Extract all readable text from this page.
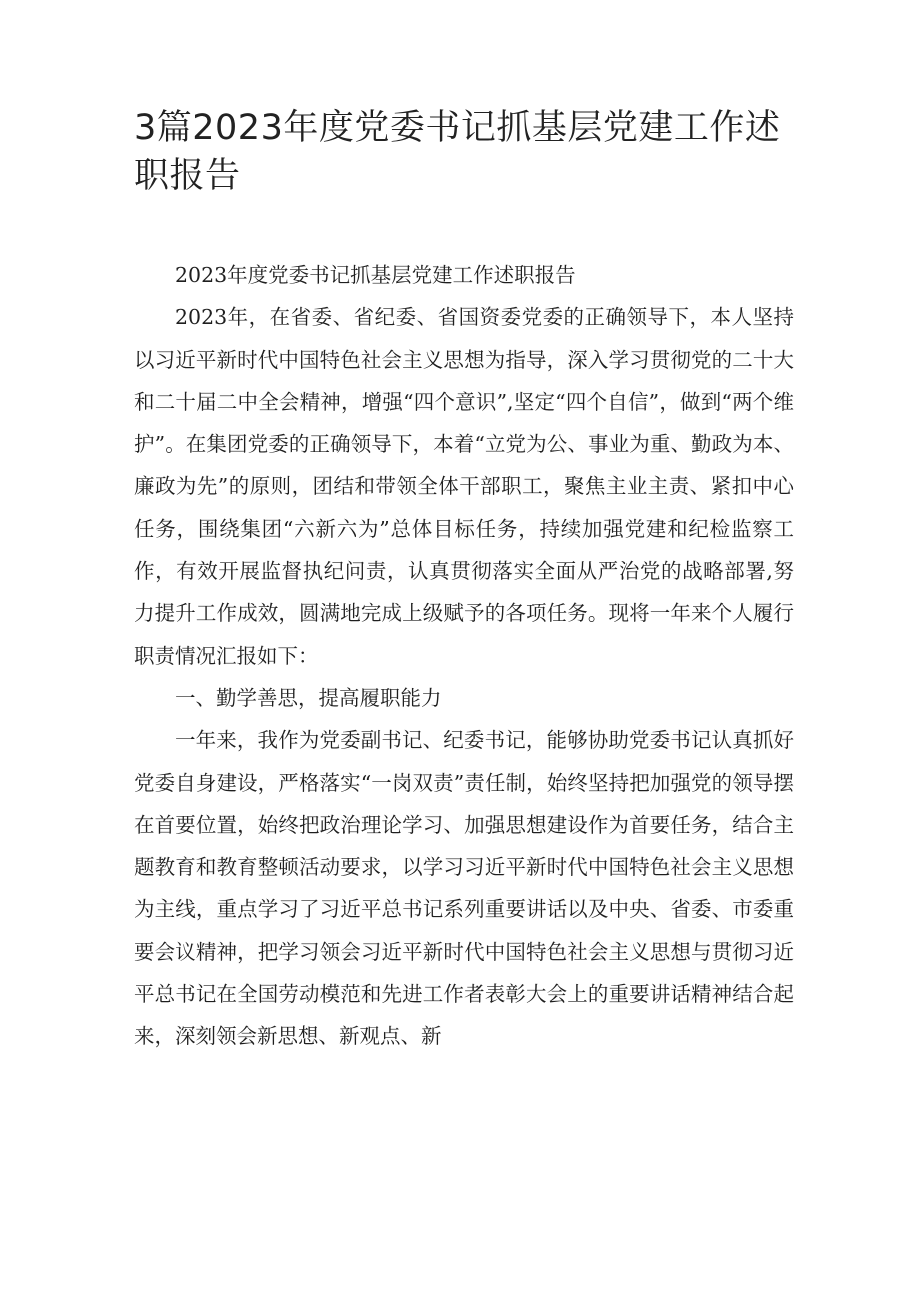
3篇2023年度党委书记抓基层党建工作述职报告

2023年度党委书记抓基层党建工作述职报告

2023年，在省委、省纪委、省国资委党委的正确领导下，本人坚持以习近平新时代中国特色社会主义思想为指导，深入学习贯彻党的二十大和二十届二中全会精神，增强“四个意识”,坚定“四个自信”，做到“两个维护”。在集团党委的正确领导下，本着“立党为公、事业为重、勤政为本、廉政为先”的原则，团结和带领全体干部职工，聚焦主业主责、紧扣中心任务，围绕集团“六新六为”总体目标任务，持续加强党建和纪检监察工作，有效开展监督执纪问责，认真贯彻落实全面从严治党的战略部署,努力提升工作成效，圆满地完成上级赋予的各项任务。现将一年来个人履行职责情况汇报如下：

一、勤学善思，提高履职能力

一年来，我作为党委副书记、纪委书记，能够协助党委书记认真抓好党委自身建设，严格落实“一岗双责”责任制，始终坚持把加强党的领导摆在首要位置，始终把政治理论学习、加强思想建设作为首要任务，结合主题教育和教育整顿活动要求，以学习习近平新时代中国特色社会主义思想为主线，重点学习了习近平总书记系列重要讲话以及中央、省委、市委重要会议精神，把学习领会习近平新时代中国特色社会主义思想与贯彻习近平总书记在全国劳动模范和先进工作者表彰大会上的重要讲话精神结合起来，深刻领会新思想、新观点、新
